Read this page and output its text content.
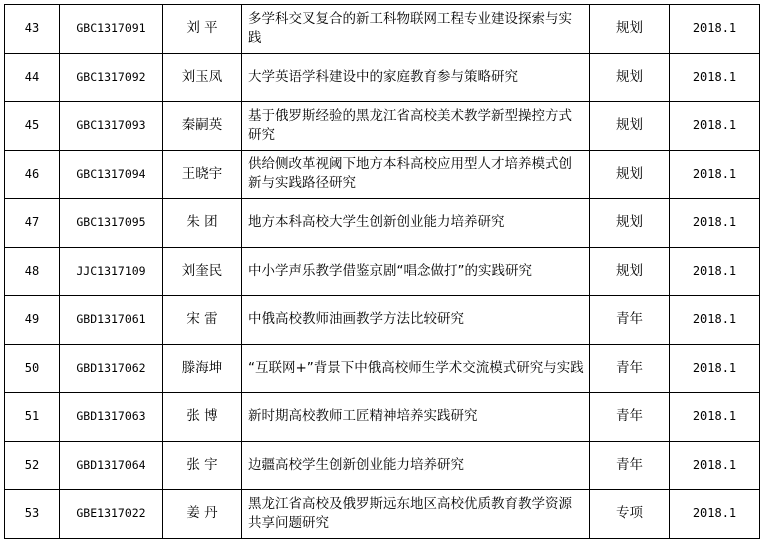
43	GBC1317091	刘 平	多学科交叉复合的新工科物联网工程专业建设探索与实践	规划	2018.1
44	GBC1317092	刘玉凤	大学英语学科建设中的家庭教育参与策略研究	规划	2018.1
45	GBC1317093	秦嗣英	基于俄罗斯经验的黑龙江省高校美术教学新型操控方式研究	规划	2018.1
46	GBC1317094	王晓宇	供给侧改革视阈下地方本科高校应用型人才培养模式创新与实践路径研究	规划	2018.1
47	GBC1317095	朱 团	地方本科高校大学生创新创业能力培养研究	规划	2018.1
48	JJC1317109	刘奎民	中小学声乐教学借鉴京剧“唱念做打”的实践研究	规划	2018.1
49	GBD1317061	宋 雷	中俄高校教师油画教学方法比较研究	青年	2018.1
50	GBD1317062	滕海坤	“互联网+”背景下中俄高校师生学术交流模式研究与实践	青年	2018.1
51	GBD1317063	张 博	新时期高校教师工匠精神培养实践研究	青年	2018.1
52	GBD1317064	张 宇	边疆高校学生创新创业能力培养研究	青年	2018.1
53	GBE1317022	姜 丹	黑龙江省高校及俄罗斯远东地区高校优质教育教学资源共享问题研究	专项	2018.1
